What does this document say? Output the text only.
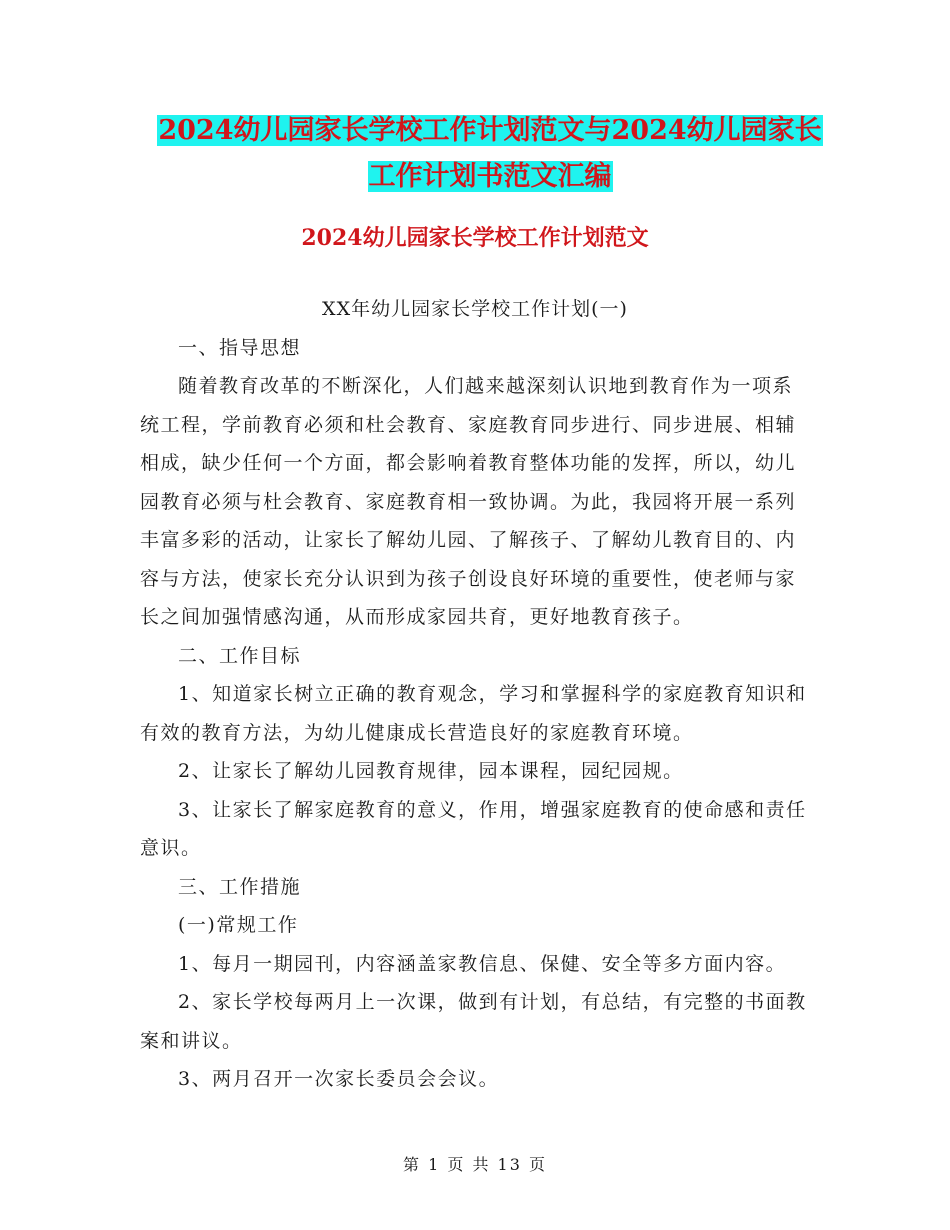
2024幼儿园家长学校工作计划范文与2024幼儿园家长
工作计划书范文汇编
2024幼儿园家长学校工作计划范文

XX年幼儿园家长学校工作计划(一)

一、指导思想

随着教育改革的不断深化，人们越来越深刻认识地到教育作为一项系统工程，学前教育必须和杜会教育、家庭教育同步进行、同步进展、相辅相成，缺少任何一个方面，都会影响着教育整体功能的发挥，所以，幼儿园教育必须与杜会教育、家庭教育相一致协调。为此，我园将开展一系列丰富多彩的活动，让家长了解幼儿园、了解孩子、了解幼儿教育目的、内容与方法，使家长充分认识到为孩子创设良好环境的重要性，使老师与家长之间加强情感沟通，从而形成家园共育，更好地教育孩子。

二、工作目标

1、知道家长树立正确的教育观念，学习和掌握科学的家庭教育知识和有效的教育方法，为幼儿健康成长营造良好的家庭教育环境。

2、让家长了解幼儿园教育规律，园本课程，园纪园规。

3、让家长了解家庭教育的意义，作用，增强家庭教育的使命感和责任意识。

三、工作措施

(一)常规工作

1、每月一期园刊，内容涵盖家教信息、保健、安全等多方面内容。

2、家长学校每两月上一次课，做到有计划，有总结，有完整的书面教案和讲议。

3、两月召开一次家长委员会会议。

第 1 页 共 13 页
